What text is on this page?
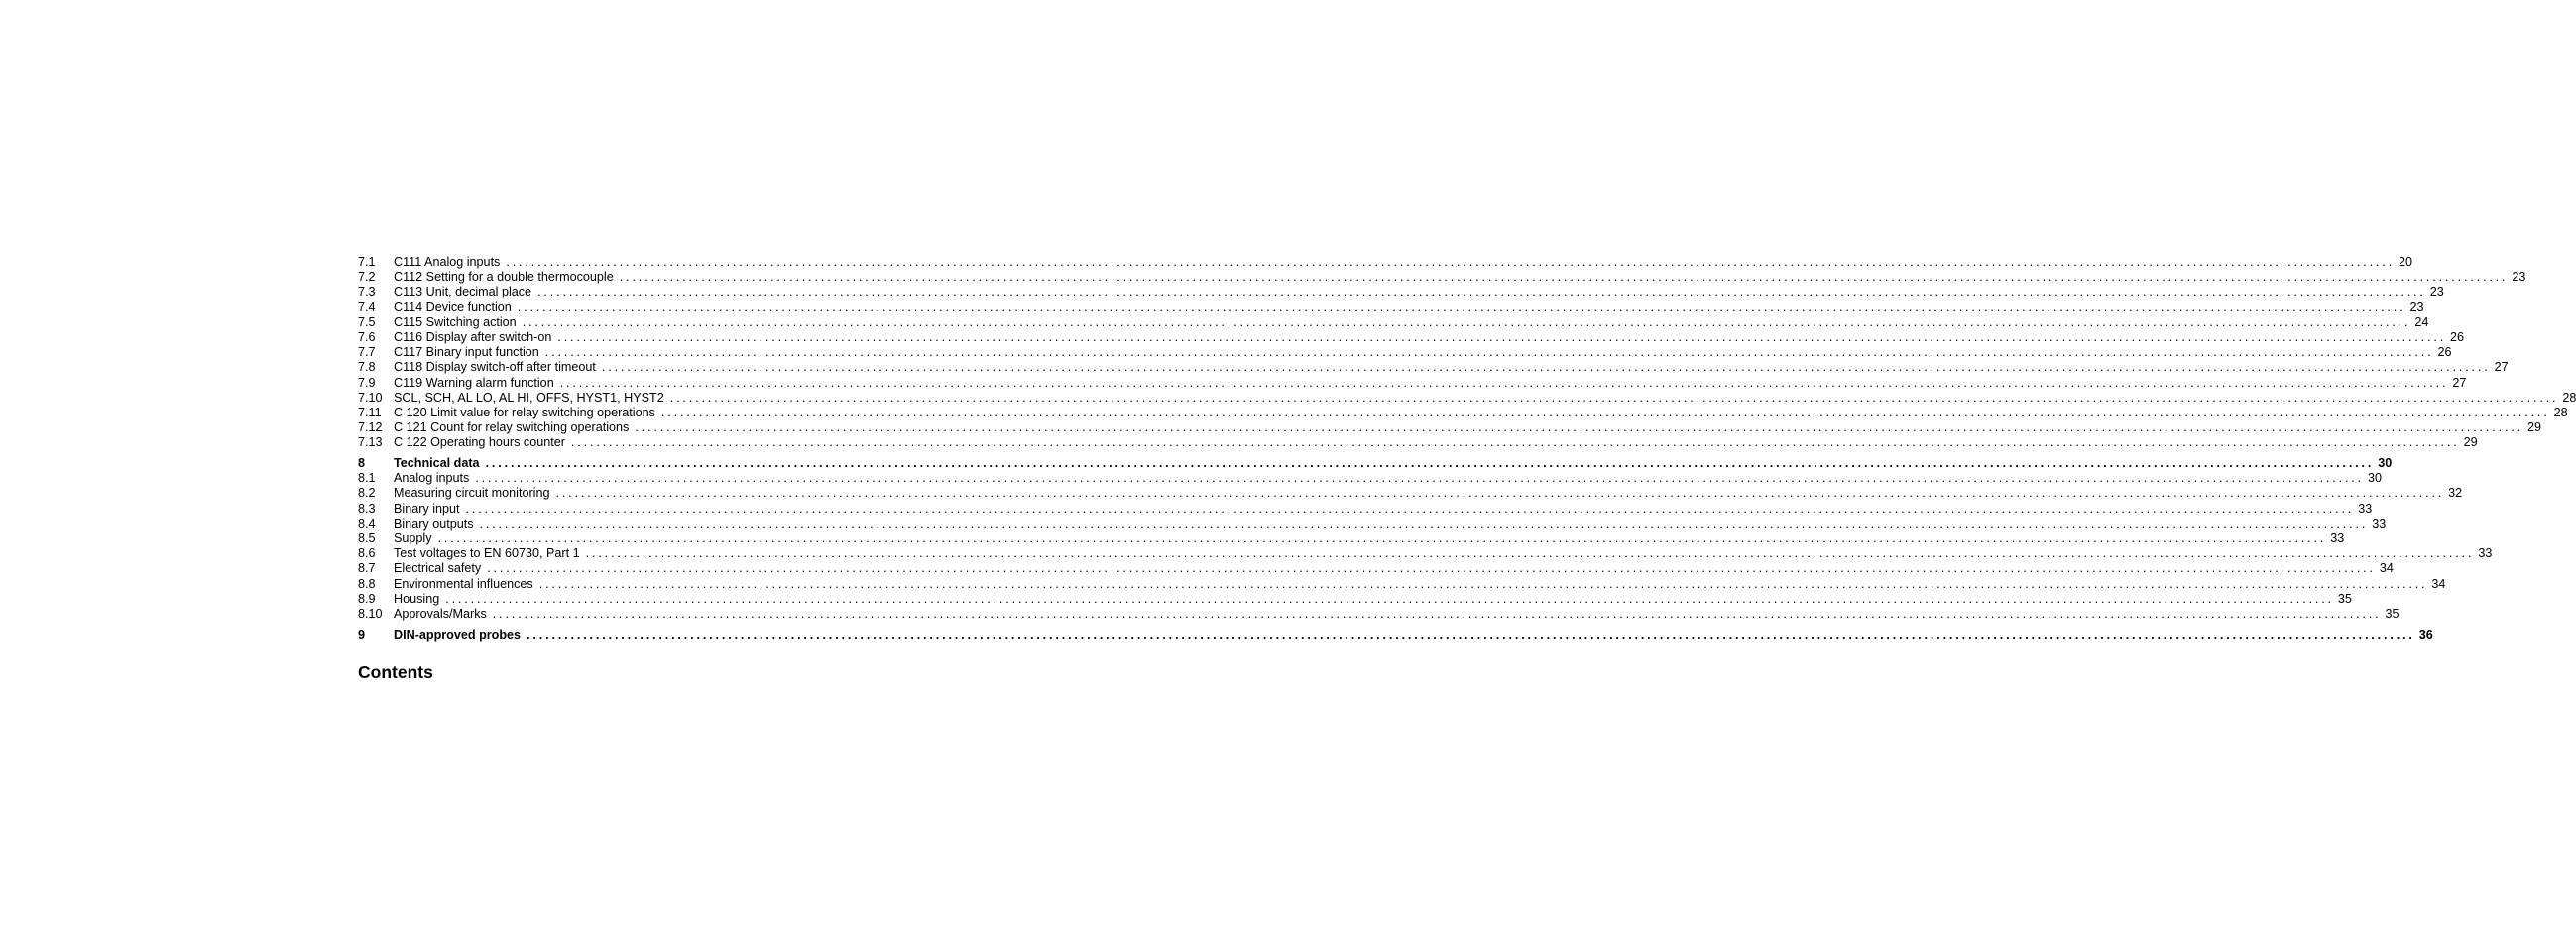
7.1	C111 Analog inputs ............................................................................................................................................................................................................................................................................................................ 20
7.2	C112 Setting for a double thermocouple ............................................................................................................................................................................................................................................................................................................ 23
7.3	C113 Unit, decimal place ............................................................................................................................................................................................................................................................................................................ 23
7.4	C114 Device function ............................................................................................................................................................................................................................................................................................................ 23
7.5	C115 Switching action ............................................................................................................................................................................................................................................................................................................ 24
7.6	C116 Display after switch-on ............................................................................................................................................................................................................................................................................................................ 26
7.7	C117 Binary input function ............................................................................................................................................................................................................................................................................................................ 26
7.8	C118 Display switch-off after timeout ............................................................................................................................................................................................................................................................................................................ 27
7.9	C119 Warning alarm function ............................................................................................................................................................................................................................................................................................................ 27
7.10 SCL, SCH, AL LO, AL HI, OFFS, HYST1, HYST2 ............................................................................................................................................................................................................................................................................................................ 28
7.11 C 120 Limit value for relay switching operations ............................................................................................................................................................................................................................................................................................................ 28
7.12 C 121 Count for relay switching operations ............................................................................................................................................................................................................................................................................................................ 29
7.13 C 122 Operating hours counter ............................................................................................................................................................................................................................................................................................................ 29
8	Technical data ............................................................................................................................................................................................................................................................................................................ 30
8.1	Analog inputs ............................................................................................................................................................................................................................................................................................................ 30
8.2	Measuring circuit monitoring ............................................................................................................................................................................................................................................................................................................ 32
8.3	Binary input ............................................................................................................................................................................................................................................................................................................ 33
8.4	Binary outputs ............................................................................................................................................................................................................................................................................................................ 33
8.5	Supply ............................................................................................................................................................................................................................................................................................................ 33
8.6	Test voltages to EN 60730, Part 1 ............................................................................................................................................................................................................................................................................................................ 33
8.7	Electrical safety ............................................................................................................................................................................................................................................................................................................ 34
8.8	Environmental influences ............................................................................................................................................................................................................................................................................................................ 34
8.9	Housing ............................................................................................................................................................................................................................................................................................................ 35
8.10 Approvals/Marks ............................................................................................................................................................................................................................................................................................................ 35
9	DIN-approved probes ............................................................................................................................................................................................................................................................................................................ 36
Contents
